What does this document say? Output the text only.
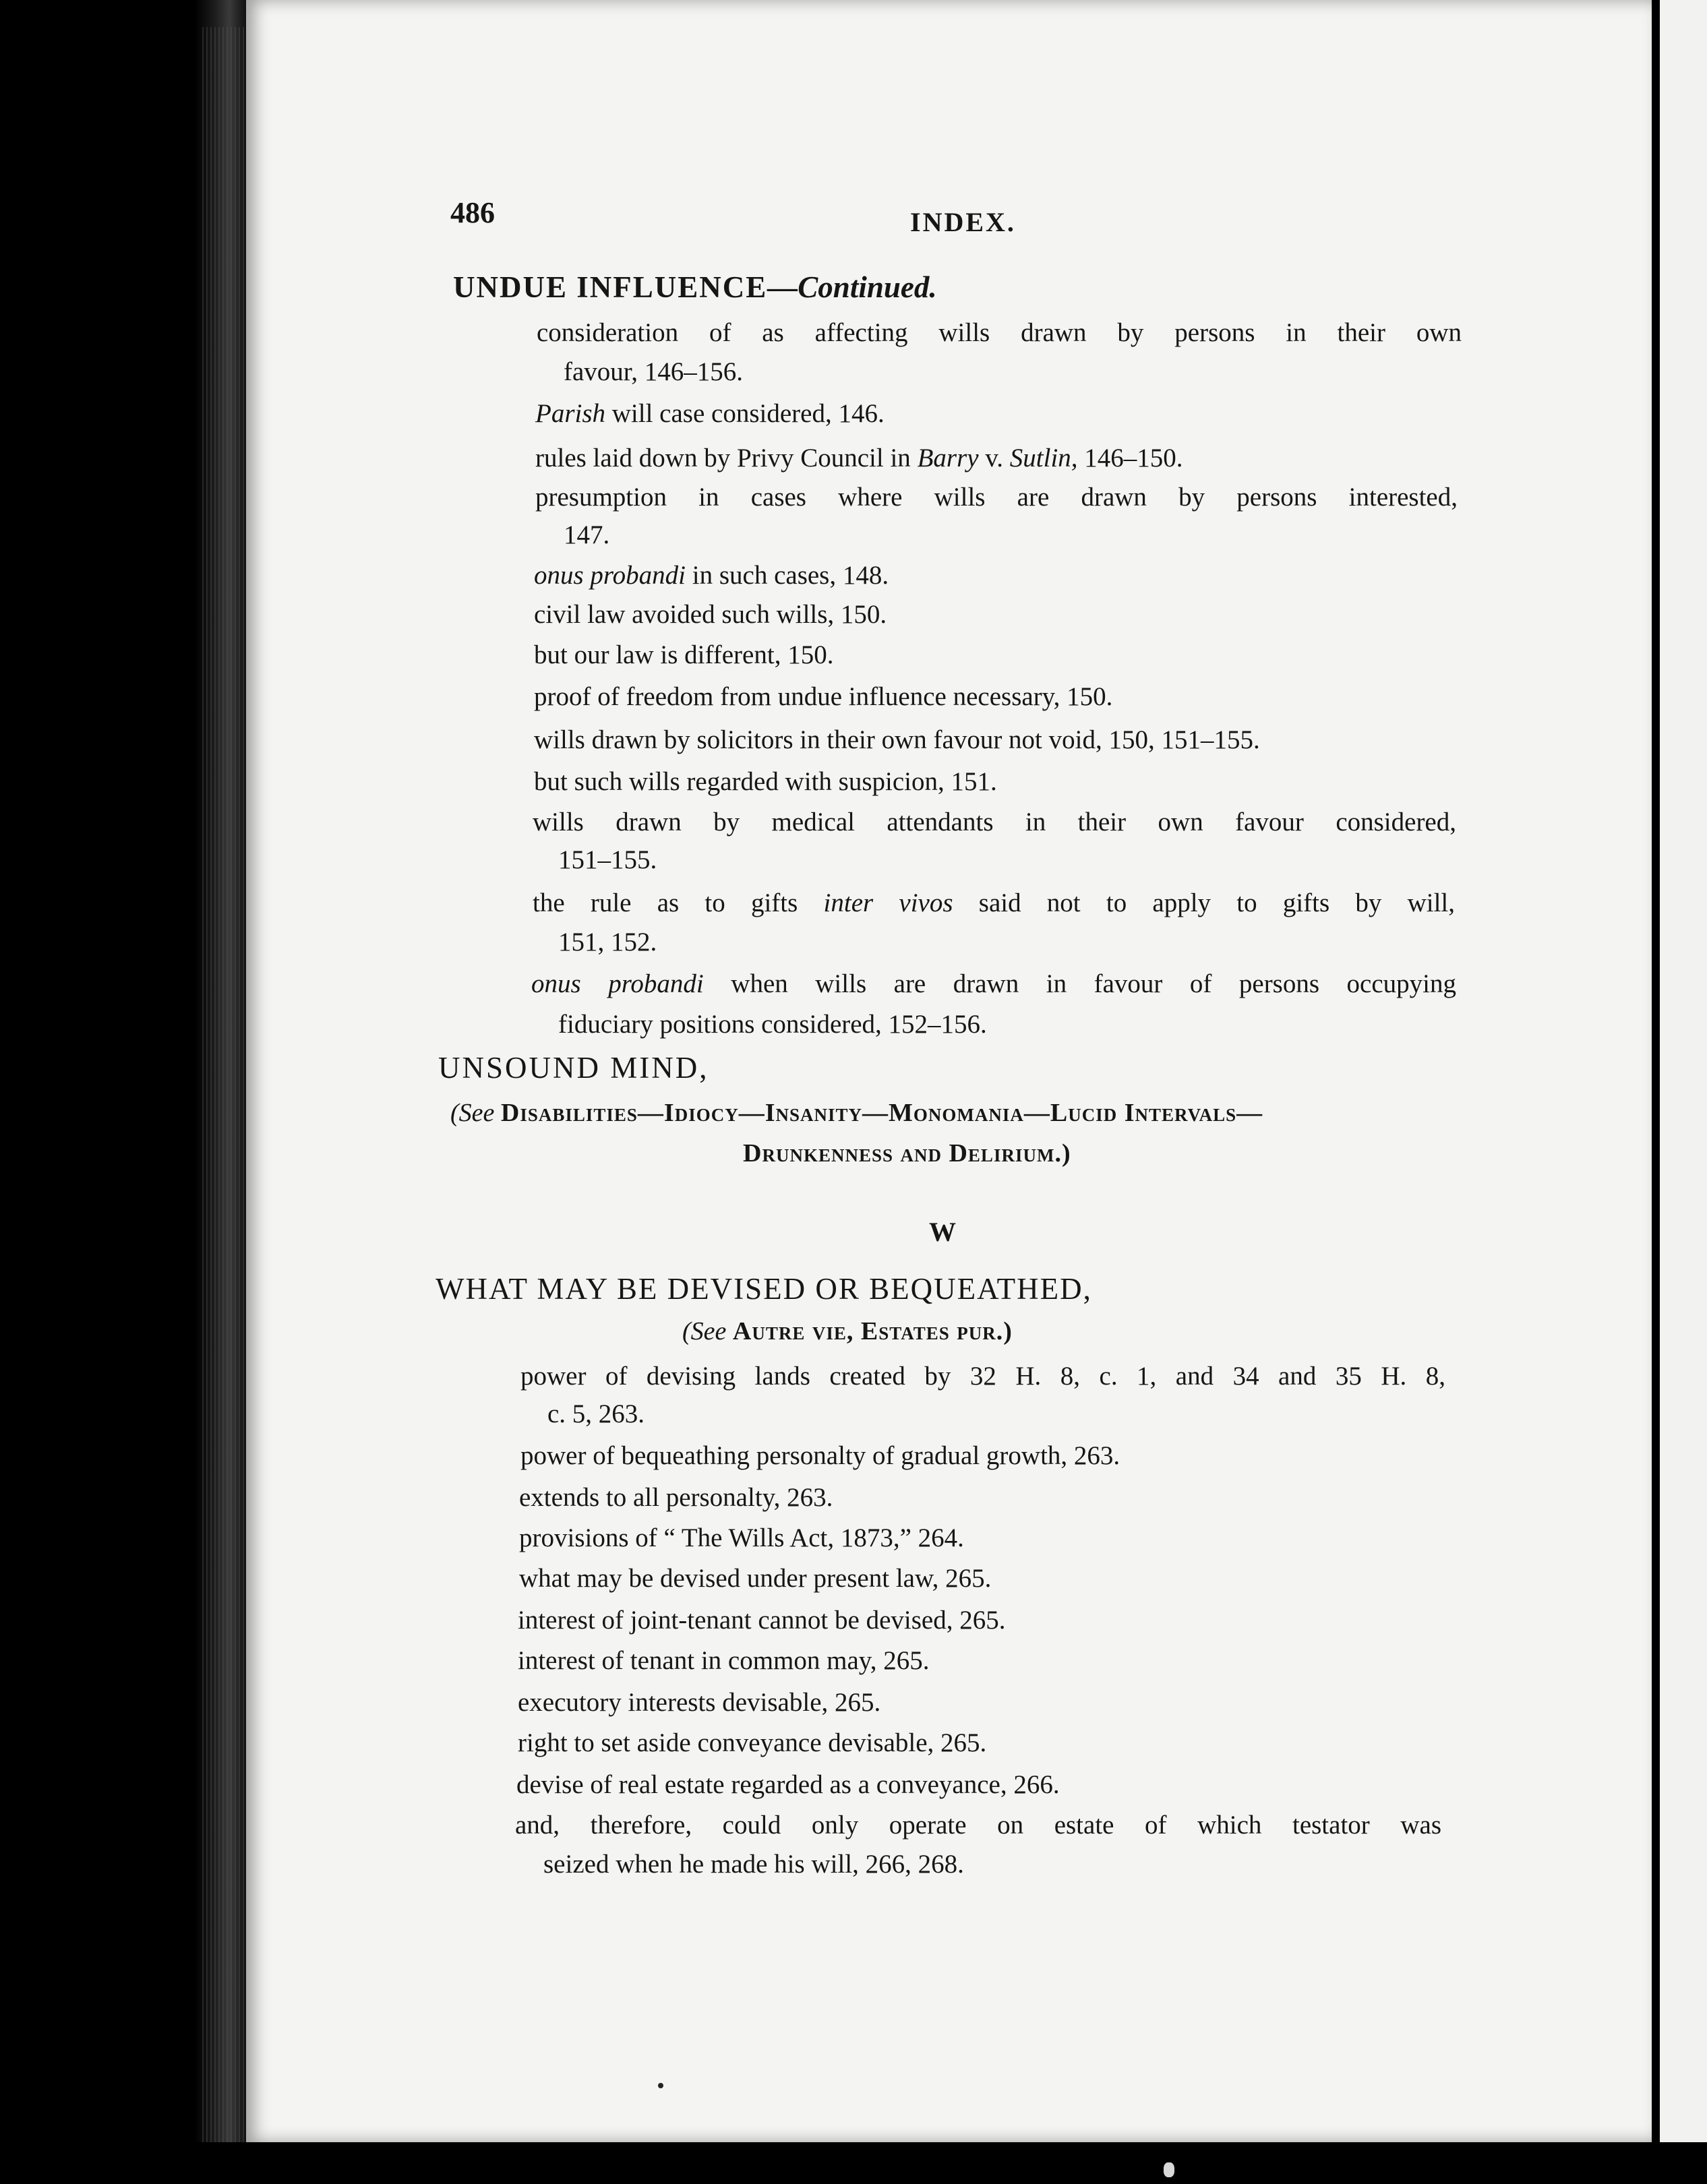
486	INDEX.
UNDUE INFLUENCE—Continued.
consideration of as affecting wills drawn by persons in their own
favour, 146–156.
Parish will case considered, 146.
rules laid down by Privy Council in Barry v. Sutlin, 146–150.
presumption in cases where wills are drawn by persons interested,
147.
onus probandi in such cases, 148.
civil law avoided such wills, 150.
but our law is different, 150.
proof of freedom from undue influence necessary, 150.
wills drawn by solicitors in their own favour not void, 150, 151–155.
but such wills regarded with suspicion, 151.
wills drawn by medical attendants in their own favour considered,
151–155.
the rule as to gifts inter vivos said not to apply to gifts by will,
151, 152.
onus probandi when wills are drawn in favour of persons occupying
fiduciary positions considered, 152–156.
UNSOUND MIND,
(See Disabilities—Idiocy—Insanity—Monomania—Lucid Intervals—
Drunkenness and Delirium.)
W
WHAT MAY BE DEVISED OR BEQUEATHED,
(See Autre vie, Estates pur.)
power of devising lands created by 32 H. 8, c. 1, and 34 and 35 H. 8,
c. 5, 263.
power of bequeathing personalty of gradual growth, 263.
extends to all personalty, 263.
provisions of “ The Wills Act, 1873,” 264.
what may be devised under present law, 265.
interest of joint-tenant cannot be devised, 265.
interest of tenant in common may, 265.
executory interests devisable, 265.
right to set aside conveyance devisable, 265.
devise of real estate regarded as a conveyance, 266.
and, therefore, could only operate on estate of which testator was
seized when he made his will, 266, 268.
